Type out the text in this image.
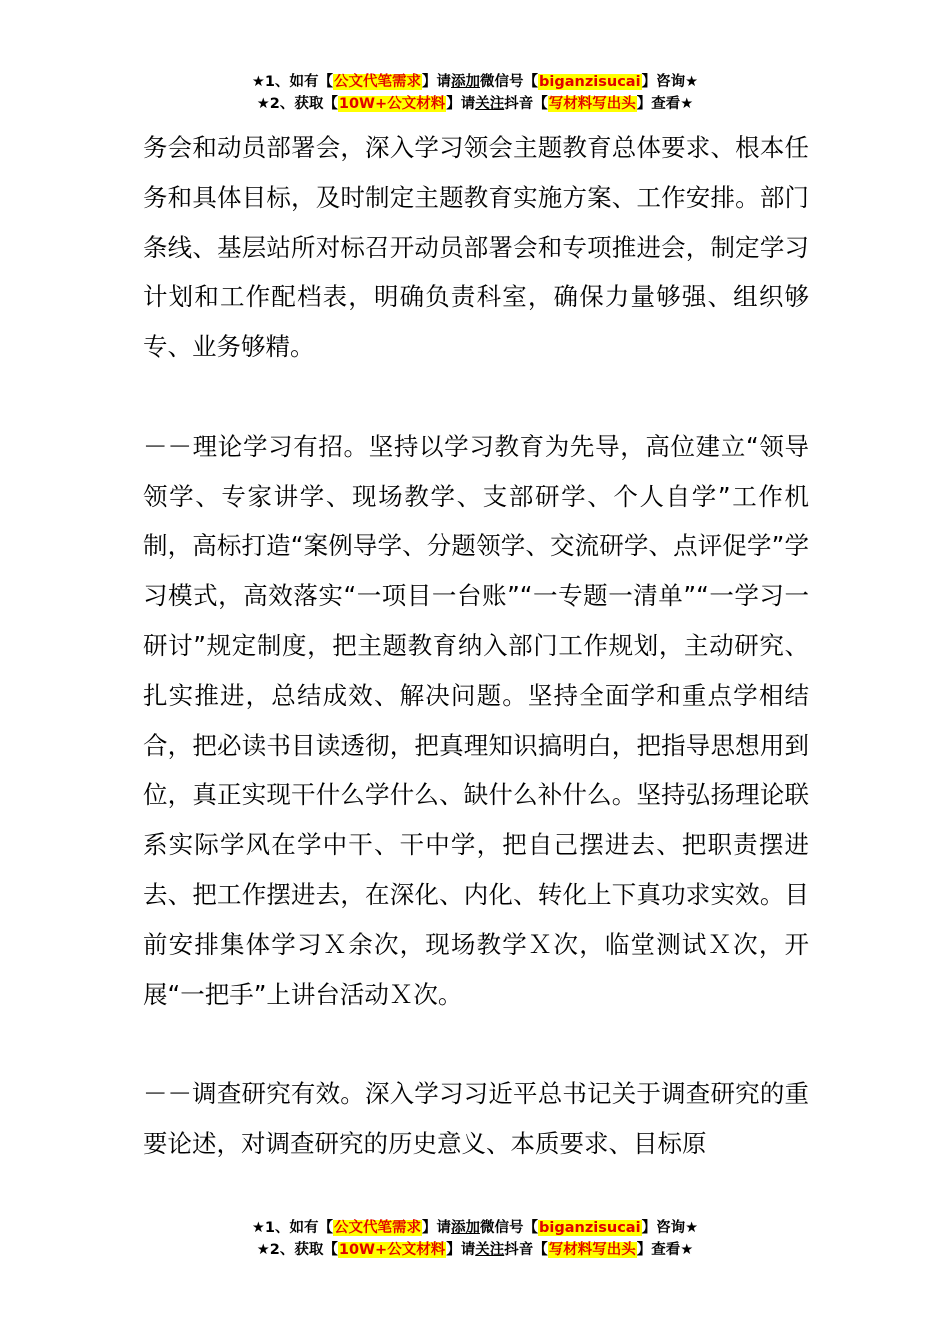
★1、如有【公文代笔需求】请添加微信号【biganzisucai】咨询★
★2、获取【10W+公文材料】请关注抖音【写材料写出头】查看★

务会和动员部署会，深入学习领会主题教育总体要求、根本任务和具体目标，及时制定主题教育实施方案、工作安排。部门条线、基层站所对标召开动员部署会和专项推进会，制定学习计划和工作配档表，明确负责科室，确保力量够强、组织够专、业务够精。

－－理论学习有招。坚持以学习教育为先导，高位建立“领导领学、专家讲学、现场教学、支部研学、个人自学”工作机制，高标打造“案例导学、分题领学、交流研学、点评促学”学习模式，高效落实“一项目一台账”“一专题一清单”“一学习一研讨”规定制度，把主题教育纳入部门工作规划，主动研究、扎实推进，总结成效、解决问题。坚持全面学和重点学相结合，把必读书目读透彻，把真理知识搞明白，把指导思想用到位，真正实现干什么学什么、缺什么补什么。坚持弘扬理论联系实际学风在学中干、干中学，把自己摆进去、把职责摆进去、把工作摆进去，在深化、内化、转化上下真功求实效。目前安排集体学习Ｘ余次，现场教学Ｘ次，临堂测试Ｘ次，开展“一把手”上讲台活动Ｘ次。

－－调查研究有效。深入学习习近平总书记关于调查研究的重要论述，对调查研究的历史意义、本质要求、目标原

★1、如有【公文代笔需求】请添加微信号【biganzisucai】咨询★
★2、获取【10W+公文材料】请关注抖音【写材料写出头】查看★
